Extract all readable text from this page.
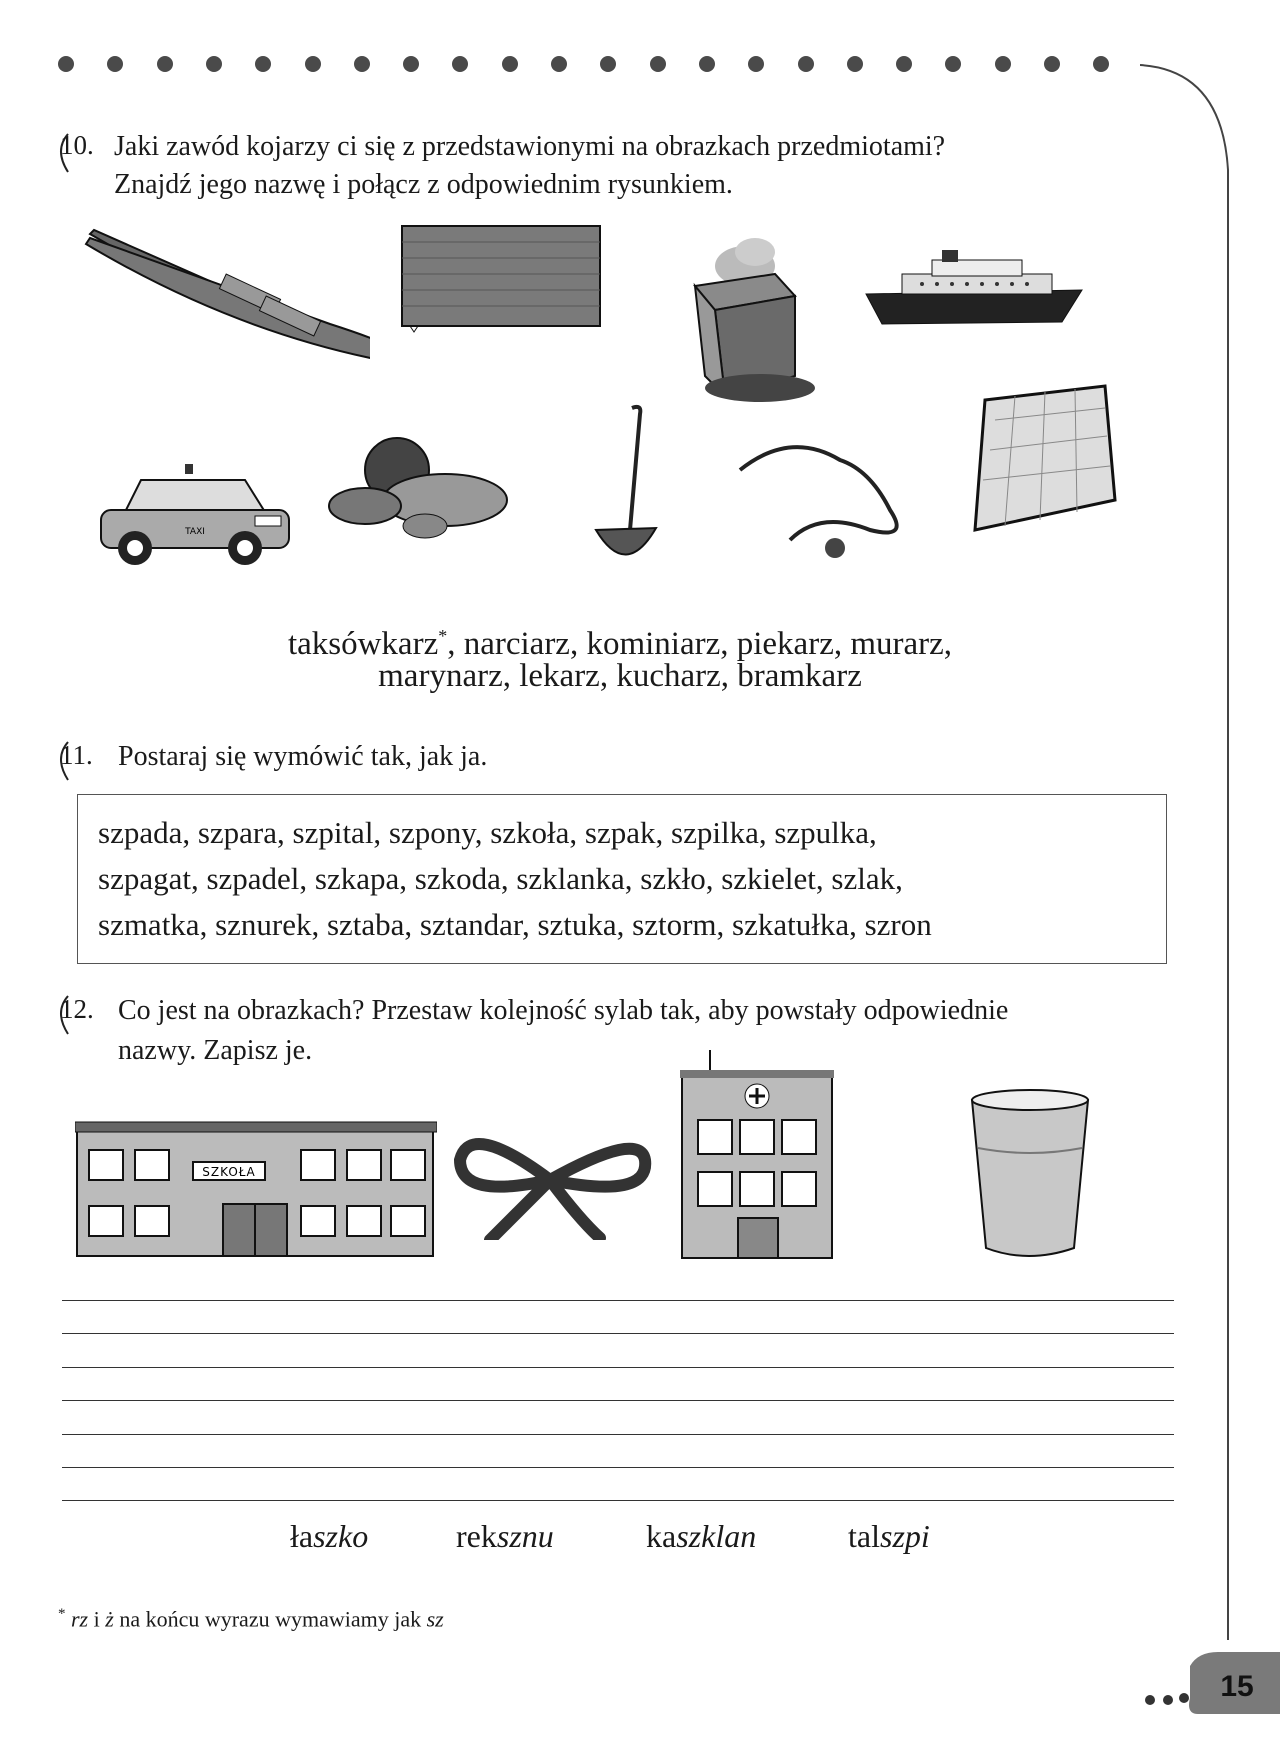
10. Jaki zawód kojarzy ci się z przedstawionymi na obrazkach przedmiotami?
Znajdź jego nazwę i połącz z odpowiednim rysunkiem.
TAXI
taksówkarz*, narciarz, kominiarz, piekarz, murarz,
marynarz, lekarz, kucharz, bramkarz
11. Postaraj się wymówić tak, jak ja.
szpada, szpara, szpital, szpony, szkoła, szpak, szpilka, szpulka,
szpagat, szpadel, szkapa, szkoda, szklanka, szkło, szkielet, szlak,
szmatka, sznurek, sztaba, sztandar, sztuka, sztorm, szkatułka, szron
12. Co jest na obrazkach? Przestaw kolejność sylab tak, aby powstały odpowiednie
nazwy. Zapisz je.
SZKOŁA
łaszko	reksznu	kaszklan	talszpi
* rz i ż na końcu wyrazu wymawiamy jak sz
15
